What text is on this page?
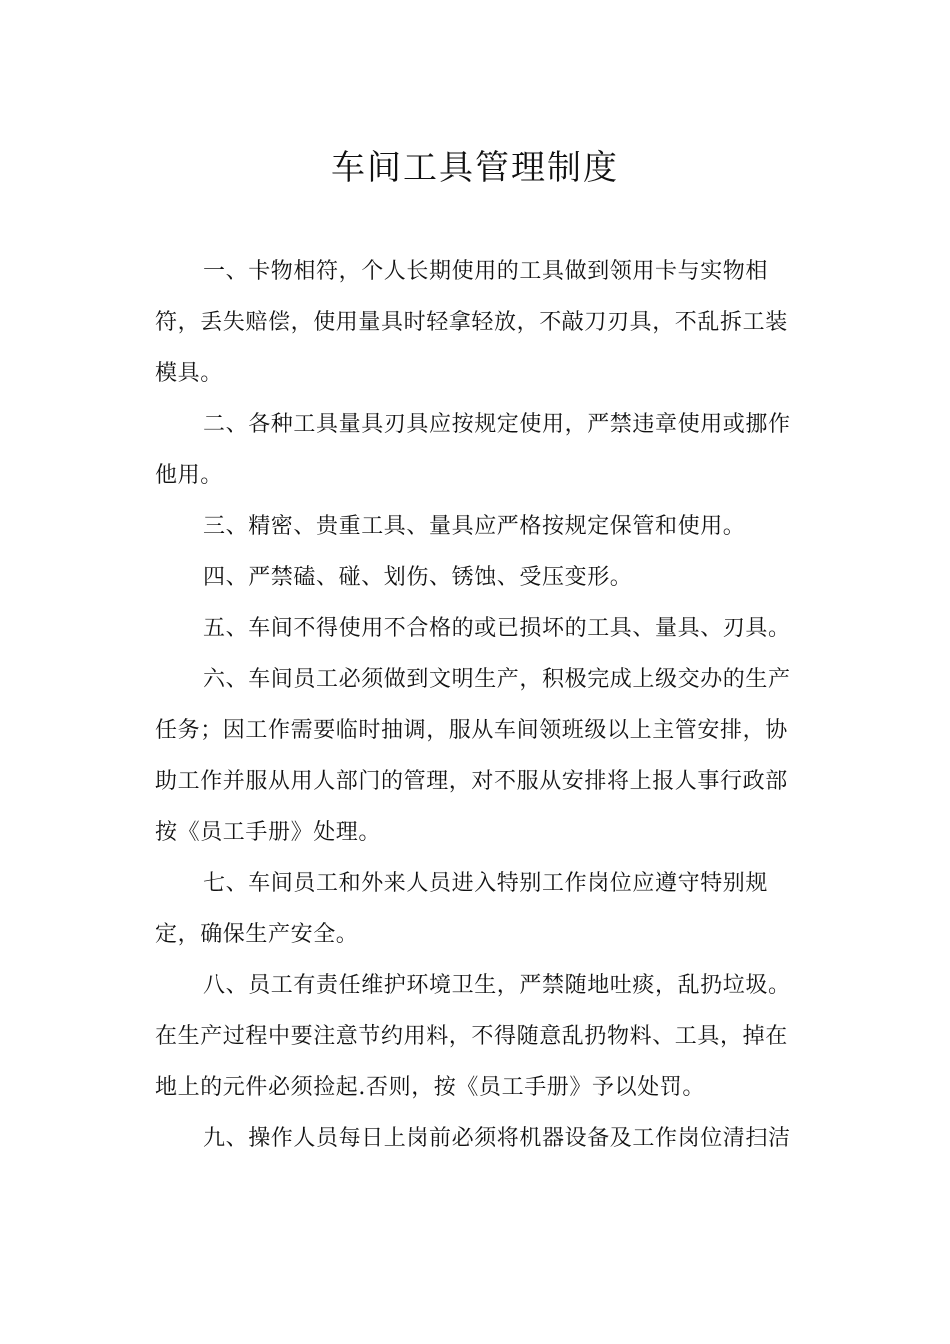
车间工具管理制度

一、卡物相符，个人长期使用的工具做到领用卡与实物相
符，丢失赔偿，使用量具时轻拿轻放，不敲刀刃具，不乱拆工装
模具。

二、各种工具量具刃具应按规定使用，严禁违章使用或挪作
他用。

三、精密、贵重工具、量具应严格按规定保管和使用。

四、严禁磕、碰、划伤、锈蚀、受压变形。

五、车间不得使用不合格的或已损坏的工具、量具、刃具。

六、车间员工必须做到文明生产，积极完成上级交办的生产
任务；因工作需要临时抽调，服从车间领班级以上主管安排，协
助工作并服从用人部门的管理，对不服从安排将上报人事行政部
按《员工手册》处理。

七、车间员工和外来人员进入特别工作岗位应遵守特别规
定，确保生产安全。

八、员工有责任维护环境卫生，严禁随地吐痰，乱扔垃圾。
在生产过程中要注意节约用料，不得随意乱扔物料、工具，掉在
地上的元件必须捡起.否则，按《员工手册》予以处罚。

九、操作人员每日上岗前必须将机器设备及工作岗位清扫洁
